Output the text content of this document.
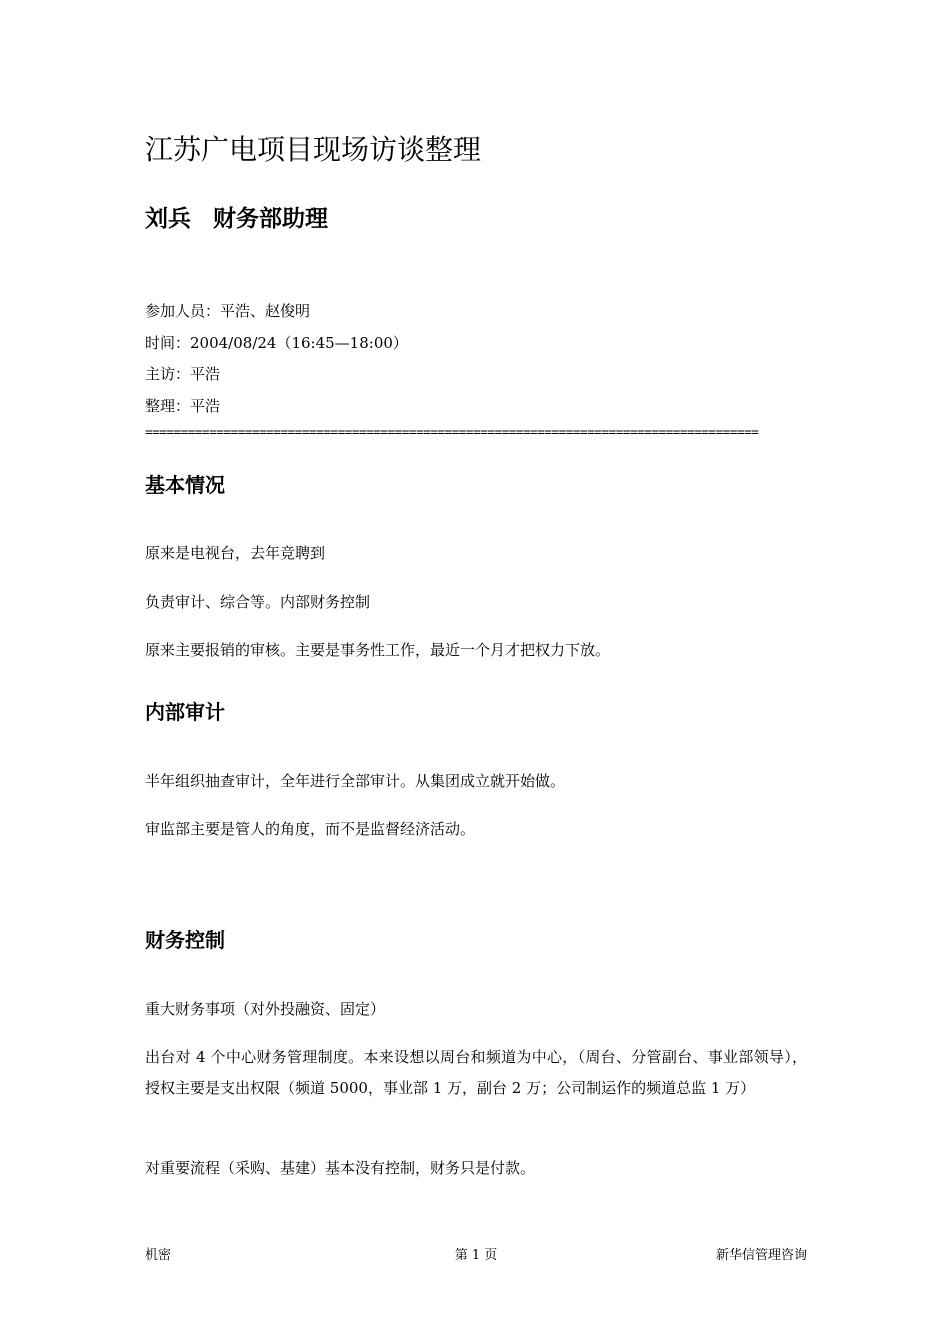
江苏广电项目现场访谈整理
刘兵 财务部助理
参加人员：平浩、赵俊明
时间：2004/08/24（16:45—18:00）
主访：平浩
整理：平浩
======================================================================================
基本情况

原来是电视台，去年竞聘到

负责审计、综合等。内部财务控制

原来主要报销的审核。主要是事务性工作，最近一个月才把权力下放。

内部审计

半年组织抽查审计，全年进行全部审计。从集团成立就开始做。

审监部主要是管人的角度，而不是监督经济活动。

财务控制

重大财务事项（对外投融资、固定）

出台对 4 个中心财务管理制度。本来设想以周台和频道为中心，（周台、分管副台、事业部领导），授权主要是支出权限（频道 5000，事业部 1 万，副台 2 万；公司制运作的频道总监 1 万）

对重要流程（采购、基建）基本没有控制，财务只是付款。

机密	第 1 页	新华信管理咨询
